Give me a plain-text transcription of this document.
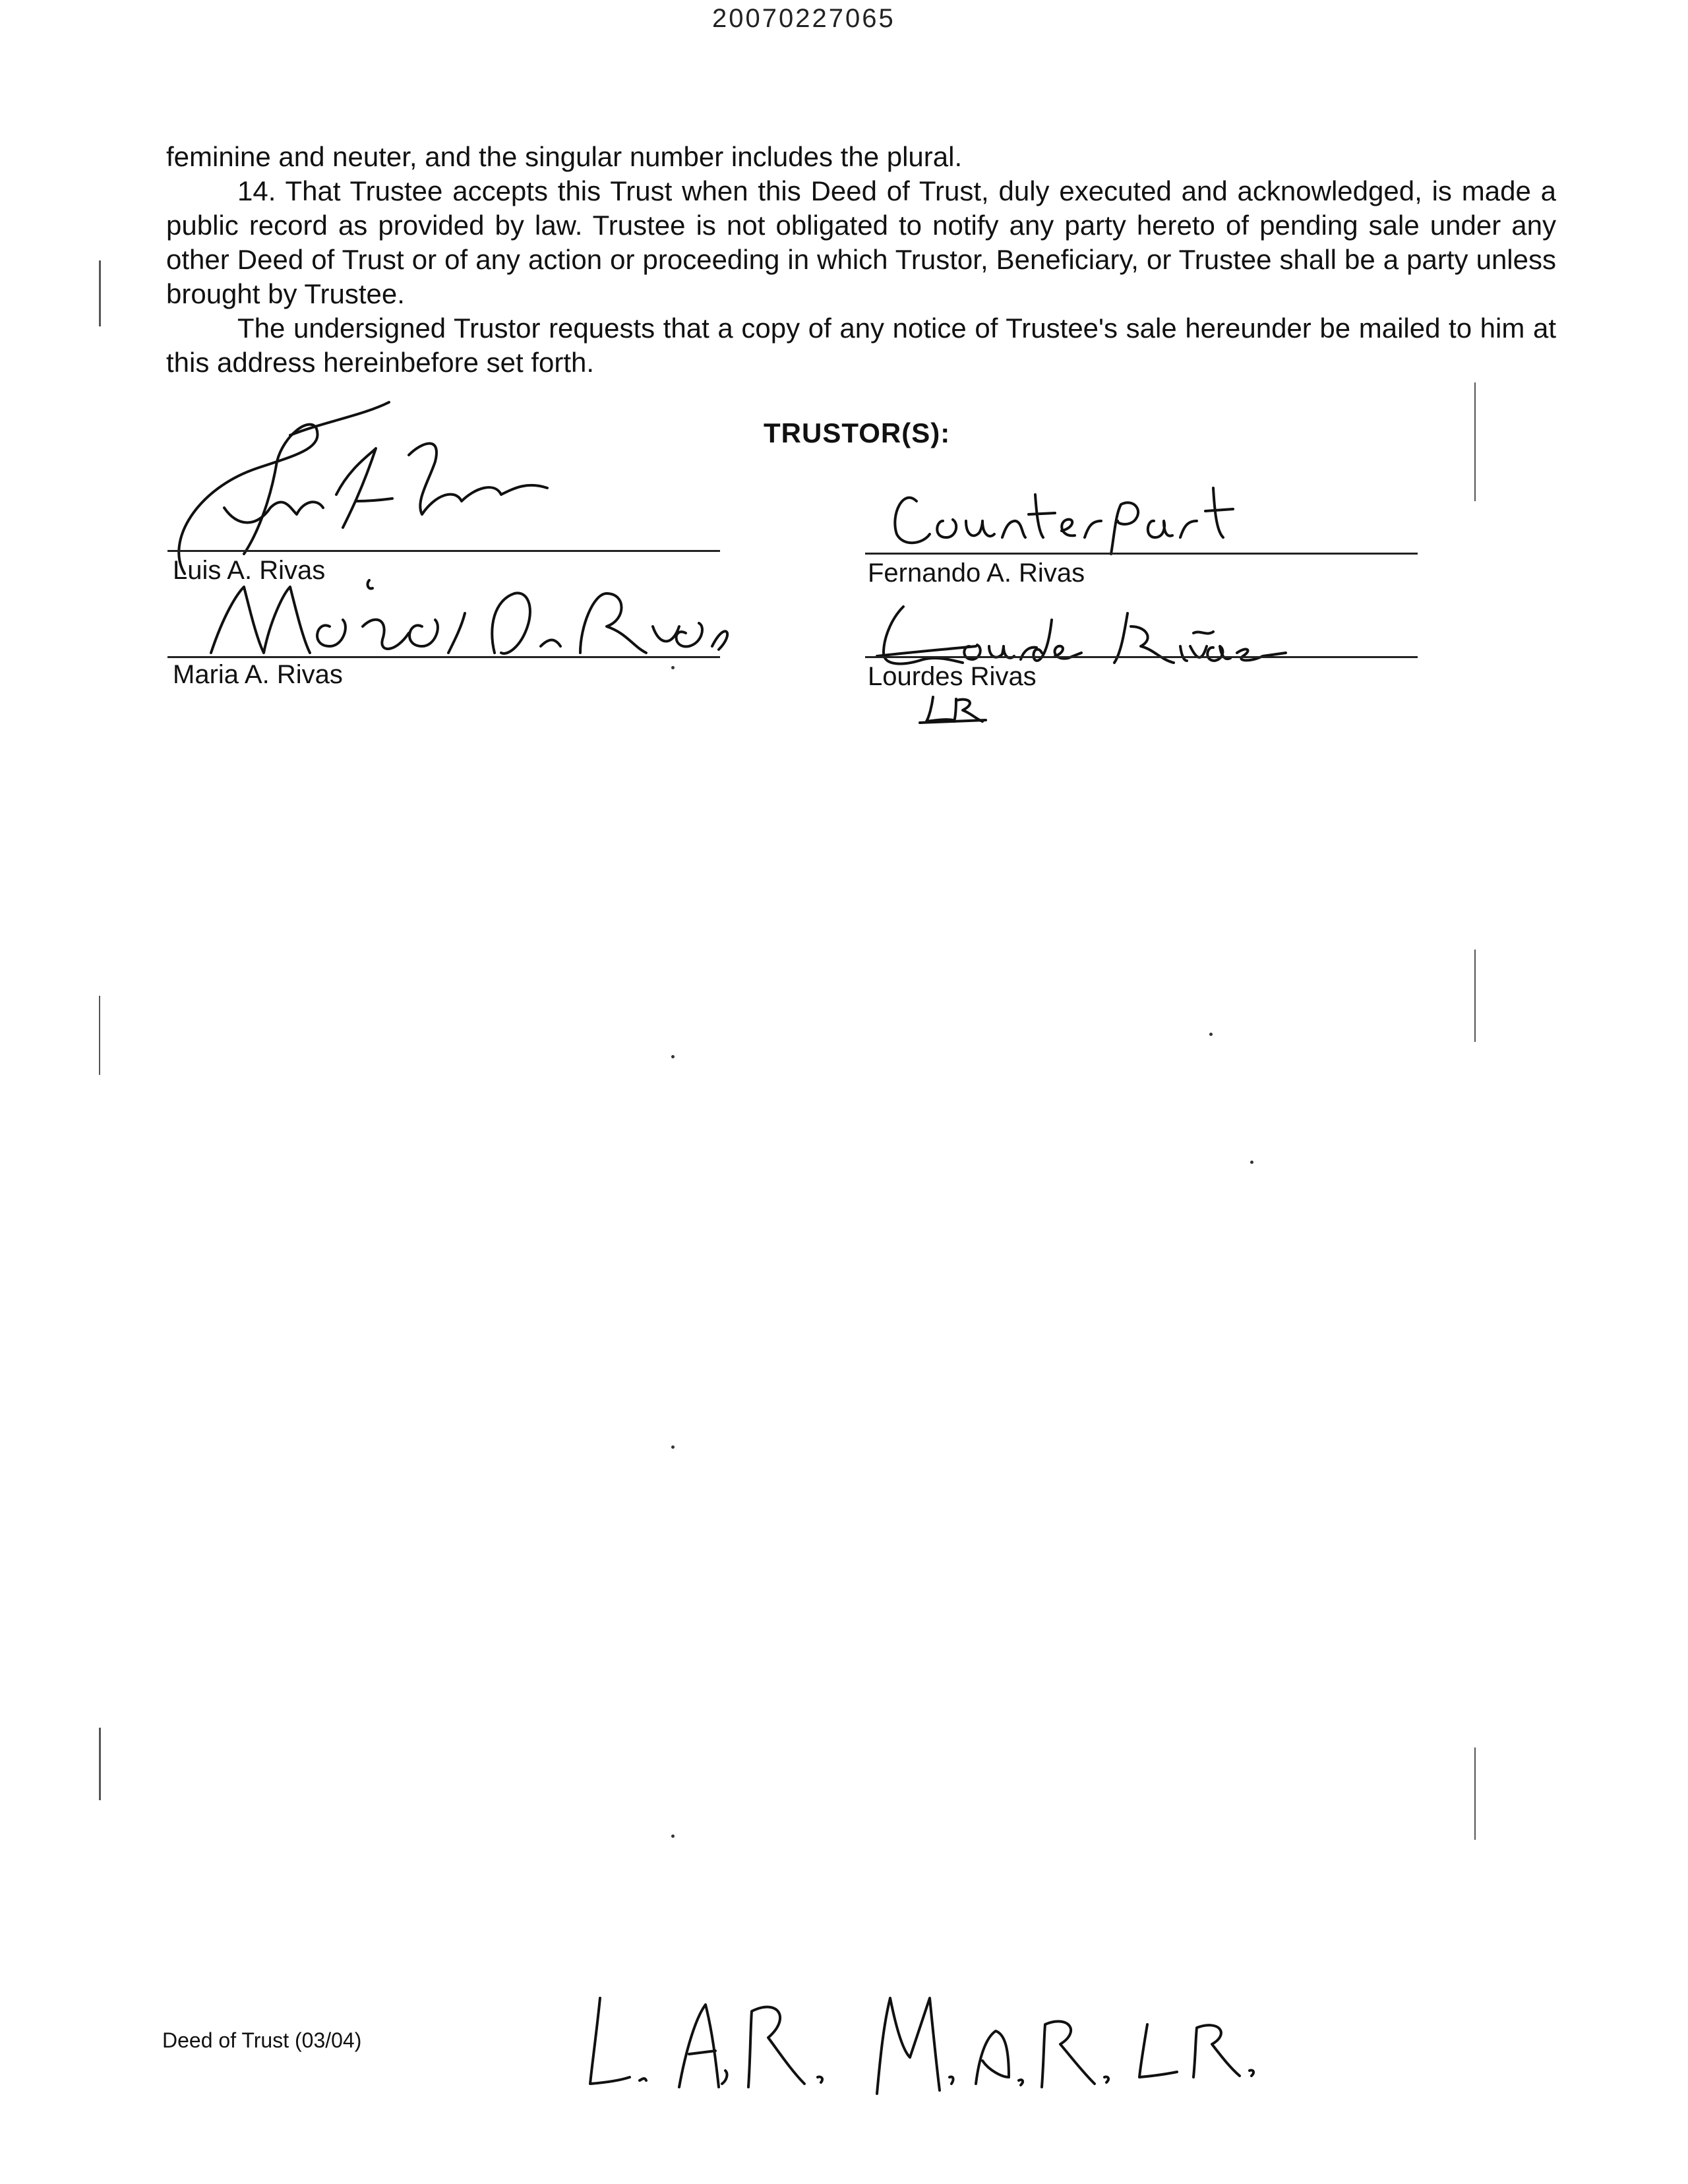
20070227065

feminine and neuter, and the singular number includes the plural.

14. That Trustee accepts this Trust when this Deed of Trust, duly executed and acknowledged, is made a public record as provided by law. Trustee is not obligated to notify any party hereto of pending sale under any other Deed of Trust or of any action or proceeding in which Trustor, Beneficiary, or Trustee shall be a party unless brought by Trustee.

The undersigned Trustor requests that a copy of any notice of Trustee's sale hereunder be mailed to him at this address hereinbefore set forth.

TRUSTOR(S):
Luis A. Rivas
Maria A. Rivas
Fernando A. Rivas
Lourdes Rivas
Deed of Trust (03/04)
